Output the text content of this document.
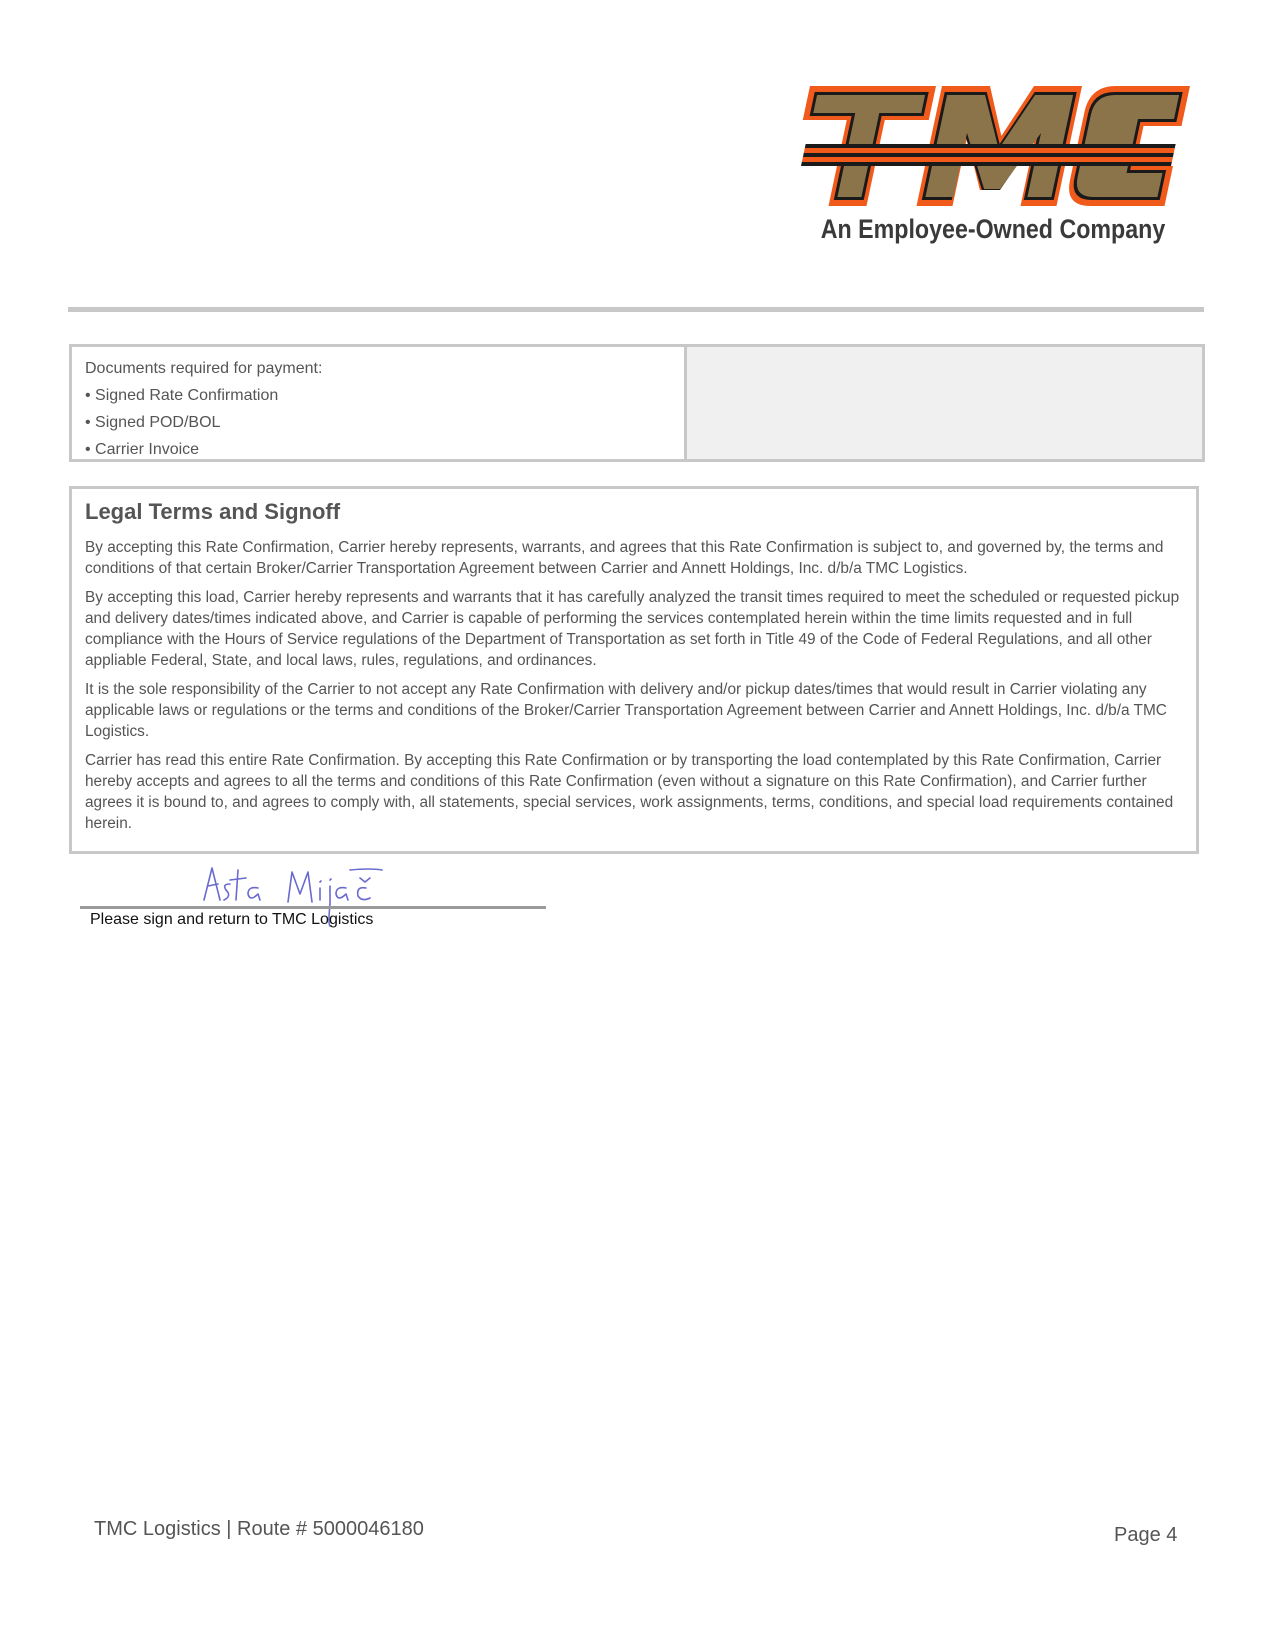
An Employee-Owned Company
Documents required for payment:
• Signed Rate Confirmation
• Signed POD/BOL
• Carrier Invoice
Legal Terms and Signoff

By accepting this Rate Confirmation, Carrier hereby represents, warrants, and agrees that this Rate Confirmation is subject to, and governed by, the terms and conditions of that certain Broker/Carrier Transportation Agreement between Carrier and Annett Holdings, Inc. d/b/a TMC Logistics.

By accepting this load, Carrier hereby represents and warrants that it has carefully analyzed the transit times required to meet the scheduled or requested pickup and delivery dates/times indicated above, and Carrier is capable of performing the services contemplated herein within the time limits requested and in full compliance with the Hours of Service regulations of the Department of Transportation as set forth in Title 49 of the Code of Federal Regulations, and all other appliable Federal, State, and local laws, rules, regulations, and ordinances.

It is the sole responsibility of the Carrier to not accept any Rate Confirmation with delivery and/or pickup dates/times that would result in Carrier violating any applicable laws or regulations or the terms and conditions of the Broker/Carrier Transportation Agreement between Carrier and Annett Holdings, Inc. d/b/a TMC Logistics.

Carrier has read this entire Rate Confirmation. By accepting this Rate Confirmation or by transporting the load contemplated by this Rate Confirmation, Carrier hereby accepts and agrees to all the terms and conditions of this Rate Confirmation (even without a signature on this Rate Confirmation), and Carrier further agrees it is bound to, and agrees to comply with, all statements, special services, work assignments, terms, conditions, and special load requirements contained herein.

Please sign and return to TMC Logistics
TMC Logistics | Route # 5000046180	Page 4
